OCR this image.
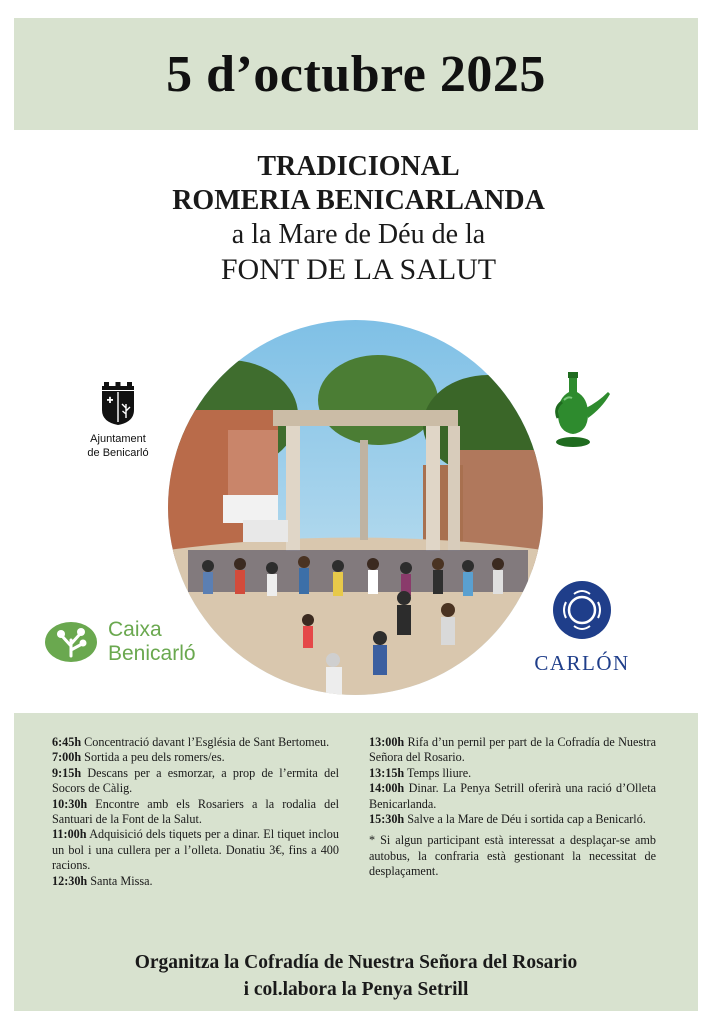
5 d’octubre 2025
TRADICIONAL
ROMERIA BENICARLANDA
a la Mare de Déu de la
FONT DE LA SALUT
Ajuntament
de Benicarló
Caixa
Benicarló	CARLÓN
6:45h Concentració davant l’Església de Sant Bertomeu.
7:00h Sortida a peu dels romers/es.
9:15h Descans per a esmorzar, a prop de l’ermita del Socors de Càlig.
10:30h Encontre amb els Rosariers a la rodalia del Santuari de la Font de la Salut.
11:00h Adquisició dels tiquets per a dinar. El tiquet inclou un bol i una cullera per a l’olleta. Donatiu 3€, fins a 400 racions.
12:30h Santa Missa.
13:00h Rifa d’un pernil per part de la Cofradía de Nuestra Señora del Rosario.
13:15h Temps lliure.
14:00h Dinar. La Penya Setrill oferirà una ració d’Olleta Benicarlanda.
15:30h Salve a la Mare de Déu i sortida cap a Benicarló.
* Si algun participant està interessat a desplaçar-se amb autobus, la confraria està gestionant la necessitat de desplaçament.
Organitza la Cofradía de Nuestra Señora del Rosario
i col.labora la Penya Setrill
